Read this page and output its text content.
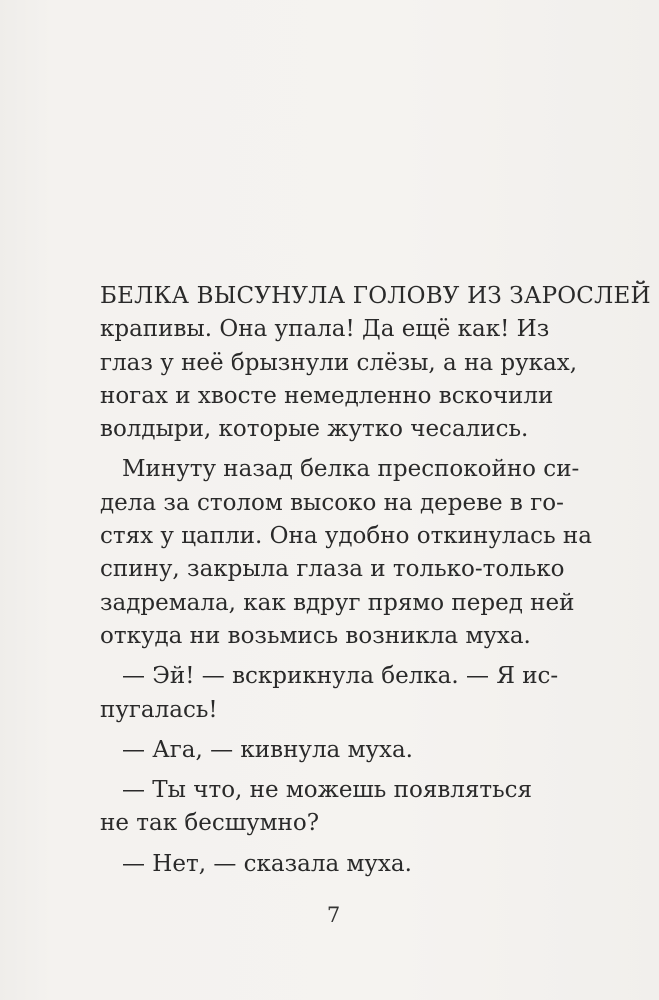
БЕЛКА ВЫСУНУЛА ГОЛОВУ ИЗ ЗАРОСЛЕЙ
крапивы. Она упала! Да ещё как! Из
глаз у неё брызнули слёзы, а на руках,
ногах и хвосте немедленно вскочили
волдыри, которые жутко чесались.
Минуту назад белка преспокойно си-
дела за столом высоко на дереве в го-
стях у цапли. Она удобно откинулась на
спину, закрыла глаза и только-только
задремала, как вдруг прямо перед ней
откуда ни возьмись возникла муха.
— Эй! — вскрикнула белка. — Я ис-
пугалась!
— Ага, — кивнула муха.
— Ты что, не можешь появляться
не так бесшумно?
— Нет, — сказала муха.
7
